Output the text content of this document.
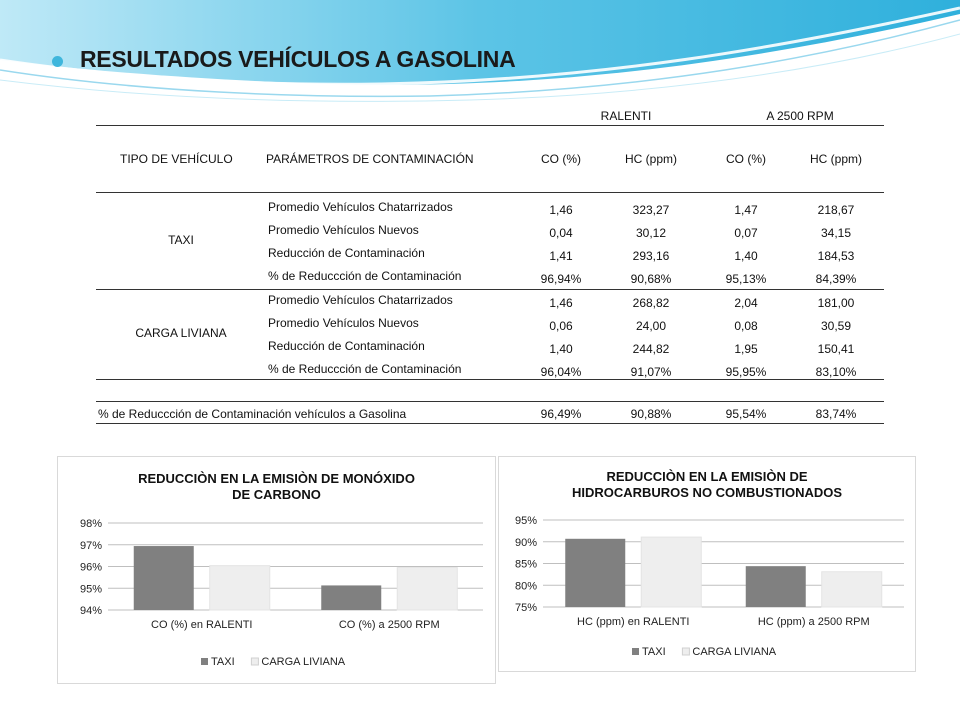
RESULTADOS VEHÍCULOS A GASOLINA
RALENTI	A 2500 RPM
TIPO DE VEHÍCULO	PARÁMETROS DE CONTAMINACIÓN	CO (%)	HC (ppm)	CO (%)	HC (ppm)
TAXI
Promedio Vehículos Chatarrizados	1,46	323,27	1,47	218,67
Promedio Vehículos Nuevos	0,04	30,12	0,07	34,15
Reducción de Contaminación	1,41	293,16	1,40	184,53
% de Reduccción de Contaminación	96,94%	90,68%	95,13%	84,39%
CARGA LIVIANA
Promedio Vehículos Chatarrizados	1,46	268,82	2,04	181,00
Promedio Vehículos Nuevos	0,06	24,00	0,08	30,59
Reducción de Contaminación	1,40	244,82	1,95	150,41
% de Reduccción de Contaminación	96,04%	91,07%	95,95%	83,10%
% de Reduccción de Contaminación vehículos a Gasolina	96,49%	90,88%	95,54%	83,74%
REDUCCIÒN EN LA EMISIÒN DE MONÓXIDO
DE CARBONO
94%
95%
96%
97%
98%
CO (%) en RALENTI	CO (%) a 2500 RPM
TAXI CARGA LIVIANA
REDUCCIÒN EN LA EMISIÒN DE
HIDROCARBUROS NO COMBUSTIONADOS
75%
80%
85%
90%
95%
HC (ppm) en RALENTI	HC (ppm) a 2500 RPM
TAXI CARGA LIVIANA
